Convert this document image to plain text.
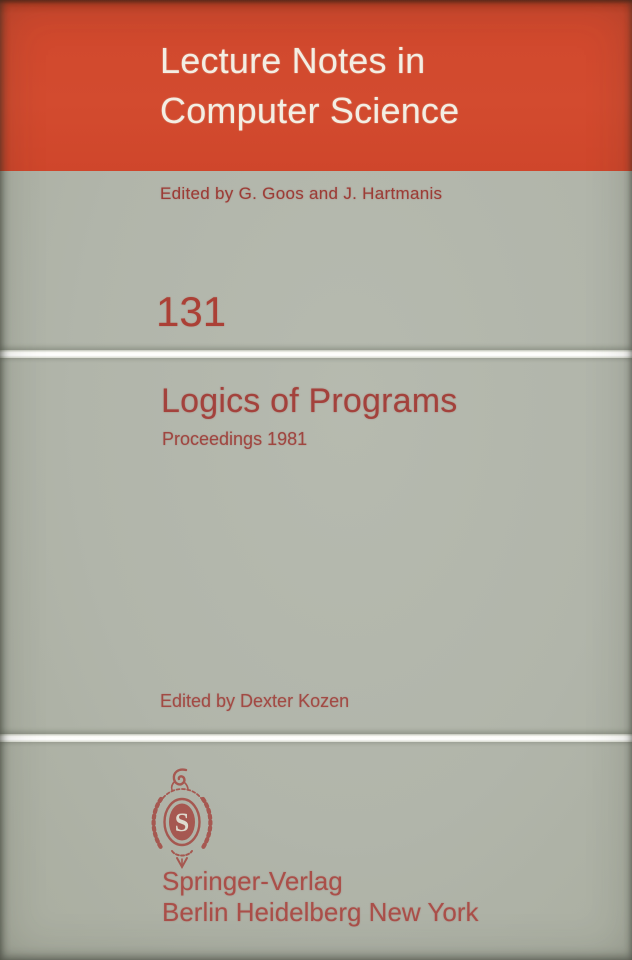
Lecture Notes in
Computer Science
Edited by G. Goos and J. Hartmanis
131
Logics of Programs
Proceedings 1981
Edited by Dexter Kozen
S
Springer-Verlag
Berlin Heidelberg New York
